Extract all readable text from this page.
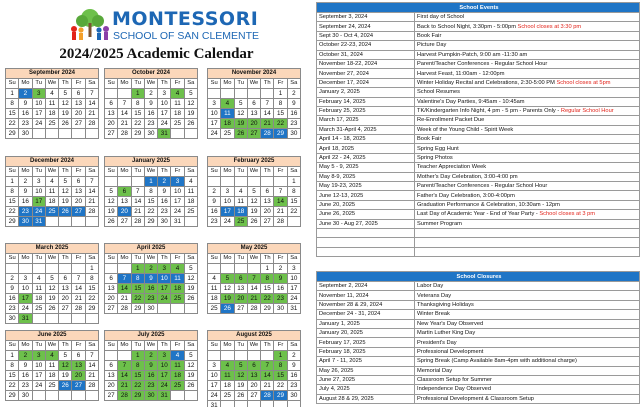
MONTESSORI
SCHOOL OF SAN CLEMENTE
2024/2025 Academic Calendar
September 2024						
Su	Mo	Tu	We	Th	Fr	Sa
1	2	3	4	5	6	7
8	9	10	11	12	13	14
15	16	17	18	19	20	21
22	23	24	25	26	27	28
29	30					
October 2024						
Su	Mo	Tu	We	Th	Fr	Sa
		1	2	3	4	5
6	7	8	9	10	11	12
13	14	15	16	17	18	19
20	21	22	23	24	25	26
27	28	29	30	31		
November 2024						
Su	Mo	Tu	We	Th	Fr	Sa
					1	2
3	4	5	6	7	8	9
10	11	12	13	14	15	16
17	18	19	20	21	22	23
24	25	26	27	28	29	30
December 2024						
Su	Mo	Tu	We	Th	Fr	Sa
1	2	3	4	5	6	7
8	9	10	11	12	13	14
15	16	17	18	19	20	21
22	23	24	25	26	27	28
29	30	31				
January 2025						
Su	Mo	Tu	We	Th	Fr	Sa
			1	2	3	4
5	6	7	8	9	10	11
12	13	14	15	16	17	18
19	20	21	22	23	24	25
26	27	28	29	30	31	
February 2025						
Su	Mo	Tu	We	Th	Fr	Sa
						1
2	3	4	5	6	7	8
9	10	11	12	13	14	15
16	17	18	19	20	21	22
23	24	25	26	27	28	
March 2025						
Su	Mo	Tu	We	Th	Fr	Sa
						1
2	3	4	5	6	7	8
9	10	11	12	13	14	15
16	17	18	19	20	21	22
23	24	25	26	27	28	29
30	31					
April 2025						
Su	Mo	Tu	We	Th	Fr	Sa
		1	2	3	4	5
6	7	8	9	10	11	12
13	14	15	16	17	18	19
20	21	22	23	24	25	26
27	28	29	30			
May 2025						
Su	Mo	Tu	We	Th	Fr	Sa
				1	2	3
4	5	6	7	8	9	10
11	12	13	14	15	16	17
18	19	20	21	22	23	24
25	26	27	28	29	30	31
June 2025						
Su	Mo	Tu	We	Th	Fr	Sa
1	2	3	4	5	6	7
8	9	10	11	12	13	14
15	16	17	18	19	20	21
22	23	24	25	26	27	28
29	30					
July 2025						
Su	Mo	Tu	We	Th	Fr	Sa
		1	2	3	4	5
6	7	8	9	10	11	12
13	14	15	16	17	18	19
20	21	22	23	24	25	26
27	28	29	30	31		
August 2025						
Su	Mo	Tu	We	Th	Fr	Sa
					1	2
3	4	5	6	7	8	9
10	11	12	13	14	15	16
17	18	19	20	21	22	23
24	25	26	27	28	29	30
31						
School Events	
September 3, 2024	First day of School
September 24, 2024	Back to School Night, 3:30pm - 5:00pm School closes at 3:30 pm
Sept 30 - Oct 4, 2024	Book Fair
October 22-23, 2024	Picture Day
October 31, 2024	Harvest Pumpkin-Patch, 9:00 am -11:30 am
November 18-22, 2024	Parent/Teacher Conferences - Regular School Hour
November 27, 2024	Harvest Feast, 11:00am - 12:00pm
December 17, 2024	Winter Holiday Recital and Celebrations, 2:30-5:00 PM School closes at 5pm
January 2, 2025	School Resumes
February 14, 2025	Valentine's Day Parties, 9:45am - 10:45am
February 25, 2025	TK/Kindergarten Info Night, 4 pm - 5 pm - Parents Only - Regular School Hour
March 17, 2025	Re-Enrollment Packet Due
March 31-April 4, 2025	Week of the Young Child - Spirit Week
April 14 - 18, 2025	Book Fair
April 18, 2025	Spring Egg Hunt
April 22 - 24, 2025	Spring Photos
May 5 - 9, 2025	Teacher Appreciation Week
May 8-9, 2025	Mother's Day Celebration, 3:00-4:00 pm
May 19-23, 2025	Parent/Teacher Conferences - Regular School Hour
June 12-13, 2025	Father's Day Celebration, 3:00-4:00pm
June 20, 2025	Graduation Performance & Celebration, 10:30am - 12pm
June 26, 2025	Last Day of Academic Year - End of Year Party - School closes at 3 pm
June 30 - Aug 27, 2025	Summer Program

School Closures	
September 2, 2024	Labor Day
November 11, 2024	Veterans Day
November 28 & 29, 2024	Thanksgiving Holidays
December 24 - 31, 2024	Winter Break
January 1, 2025	New Year's Day Observed
January 20, 2025	Martin Luther King Day
February 17, 2025	President's Day
February 18, 2025	Professional Development
April 7 - 11, 2025	Spring Break (Camp Available 8am-4pm with additional charge)
May 26, 2025	Memorial Day
June 27, 2025	Classroom Setup for Summer
July 4, 2025	Independence Day Observed
August 28 & 29, 2025	Professional Development & Classroom Setup
